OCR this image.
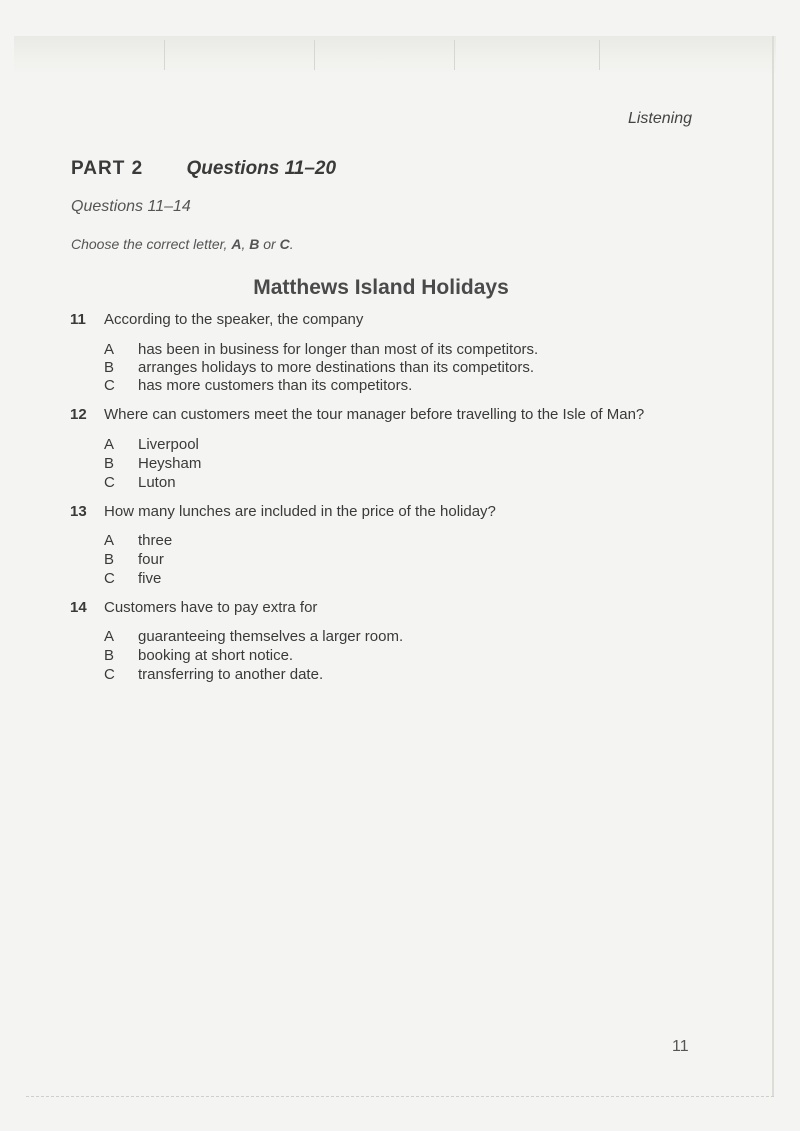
Listening
PART 2 Questions 11–20
Questions 11–14
Choose the correct letter, A, B or C.
Matthews Island Holidays
11 According to the speaker, the company
A has been in business for longer than most of its competitors.
B arranges holidays to more destinations than its competitors.
C has more customers than its competitors.
12 Where can customers meet the tour manager before travelling to the Isle of Man?
A Liverpool
B Heysham
C Luton
13 How many lunches are included in the price of the holiday?
A three
B four
C five
14 Customers have to pay extra for
A guaranteeing themselves a larger room.
B booking at short notice.
C transferring to another date.
11
